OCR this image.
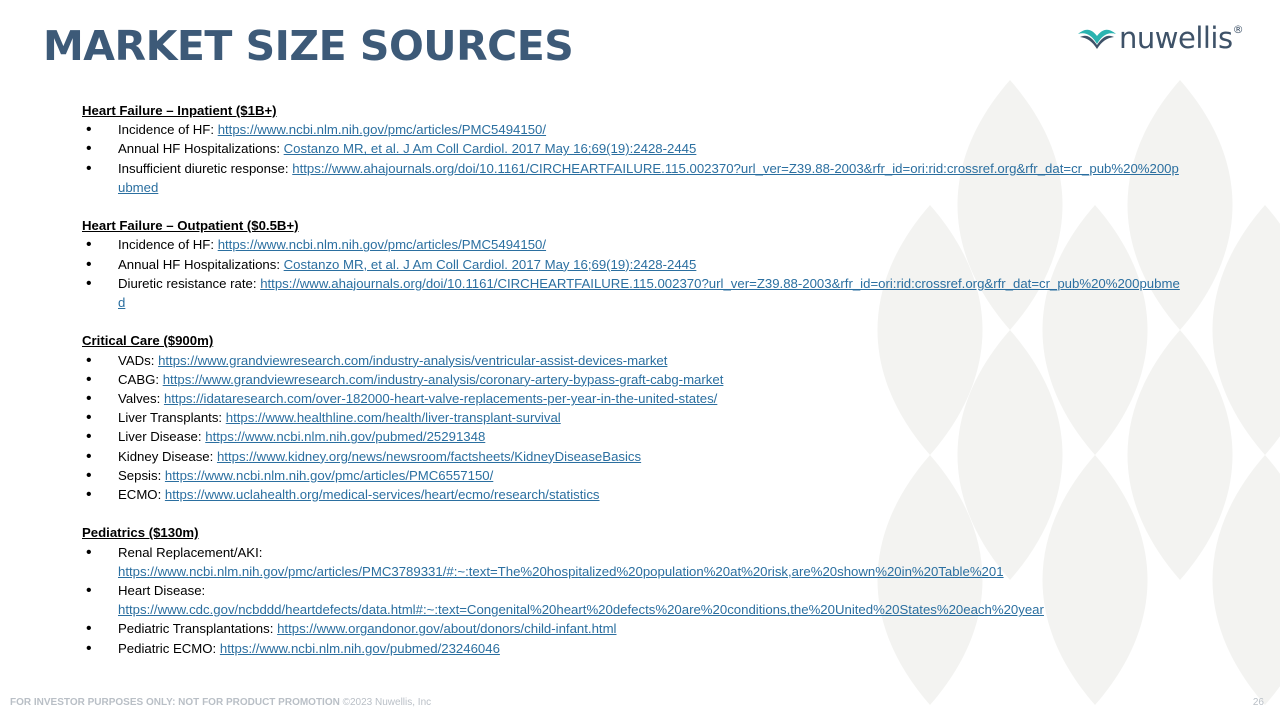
MARKET SIZE SOURCES	nuwellis®
Heart Failure – Inpatient ($1B+)
• Incidence of HF: https://www.ncbi.nlm.nih.gov/pmc/articles/PMC5494150/
• Annual HF Hospitalizations: Costanzo MR, et al. J Am Coll Cardiol. 2017 May 16;69(19):2428-2445
• Insufficient diuretic response: https://www.ahajournals.org/doi/10.1161/CIRCHEARTFAILURE.115.002370?url_ver=Z39.88-2003&rfr_id=ori:rid:crossref.org&rfr_dat=cr_pub%20%200pubmed
Heart Failure – Outpatient ($0.5B+)
• Incidence of HF: https://www.ncbi.nlm.nih.gov/pmc/articles/PMC5494150/
• Annual HF Hospitalizations: Costanzo MR, et al. J Am Coll Cardiol. 2017 May 16;69(19):2428-2445
• Diuretic resistance rate: https://www.ahajournals.org/doi/10.1161/CIRCHEARTFAILURE.115.002370?url_ver=Z39.88-2003&rfr_id=ori:rid:crossref.org&rfr_dat=cr_pub%20%200pubmed
Critical Care ($900m)
• VADs: https://www.grandviewresearch.com/industry-analysis/ventricular-assist-devices-market
• CABG: https://www.grandviewresearch.com/industry-analysis/coronary-artery-bypass-graft-cabg-market
• Valves: https://idataresearch.com/over-182000-heart-valve-replacements-per-year-in-the-united-states/
• Liver Transplants: https://www.healthline.com/health/liver-transplant-survival
• Liver Disease: https://www.ncbi.nlm.nih.gov/pubmed/25291348
• Kidney Disease: https://www.kidney.org/news/newsroom/factsheets/KidneyDiseaseBasics
• Sepsis: https://www.ncbi.nlm.nih.gov/pmc/articles/PMC6557150/
• ECMO: https://www.uclahealth.org/medical-services/heart/ecmo/research/statistics
Pediatrics ($130m)
• Renal Replacement/AKI:
https://www.ncbi.nlm.nih.gov/pmc/articles/PMC3789331/#:~:text=The%20hospitalized%20population%20at%20risk,are%20shown%20in%20Table%201
• Heart Disease:
https://www.cdc.gov/ncbddd/heartdefects/data.html#:~:text=Congenital%20heart%20defects%20are%20conditions,the%20United%20States%20each%20year
• Pediatric Transplantations: https://www.organdonor.gov/about/donors/child-infant.html
• Pediatric ECMO: https://www.ncbi.nlm.nih.gov/pubmed/23246046
FOR INVESTOR PURPOSES ONLY: NOT FOR PRODUCT PROMOTION ©2023 Nuwellis, Inc	26
